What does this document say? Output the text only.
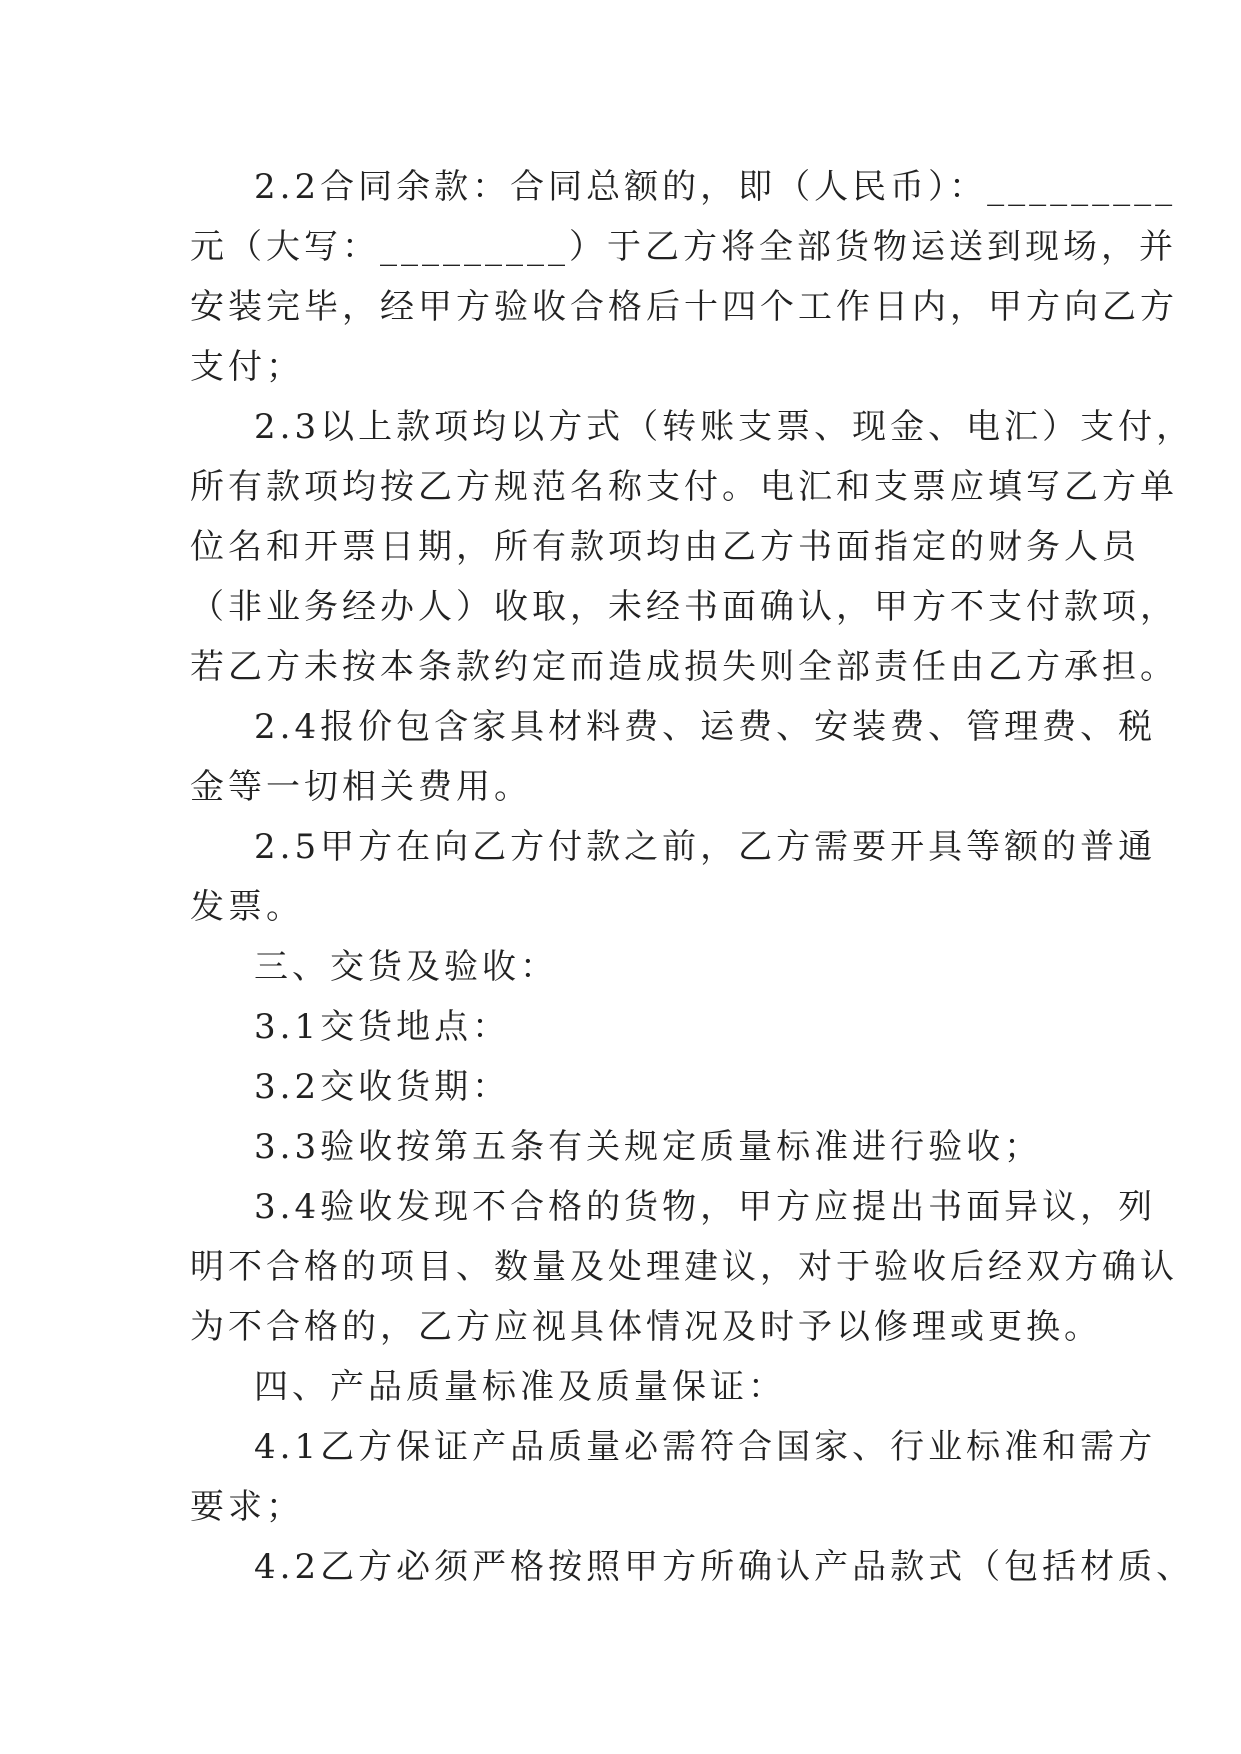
2.2合同余款：合同总额的，即（人民币）：_________
元（大写：_________）于乙方将全部货物运送到现场，并
安装完毕，经甲方验收合格后十四个工作日内，甲方向乙方
支付；
2.3以上款项均以方式（转账支票、现金、电汇）支付，
所有款项均按乙方规范名称支付。电汇和支票应填写乙方单
位名和开票日期，所有款项均由乙方书面指定的财务人员
（非业务经办人）收取，未经书面确认，甲方不支付款项，
若乙方未按本条款约定而造成损失则全部责任由乙方承担。
2.4报价包含家具材料费、运费、安装费、管理费、税
金等一切相关费用。
2.5甲方在向乙方付款之前，乙方需要开具等额的普通
发票。
三、交货及验收：
3.1交货地点：
3.2交收货期：
3.3验收按第五条有关规定质量标准进行验收；
3.4验收发现不合格的货物，甲方应提出书面异议，列
明不合格的项目、数量及处理建议，对于验收后经双方确认
为不合格的，乙方应视具体情况及时予以修理或更换。
四、产品质量标准及质量保证：
4.1乙方保证产品质量必需符合国家、行业标准和需方
要求；
4.2乙方必须严格按照甲方所确认产品款式（包括材质、
